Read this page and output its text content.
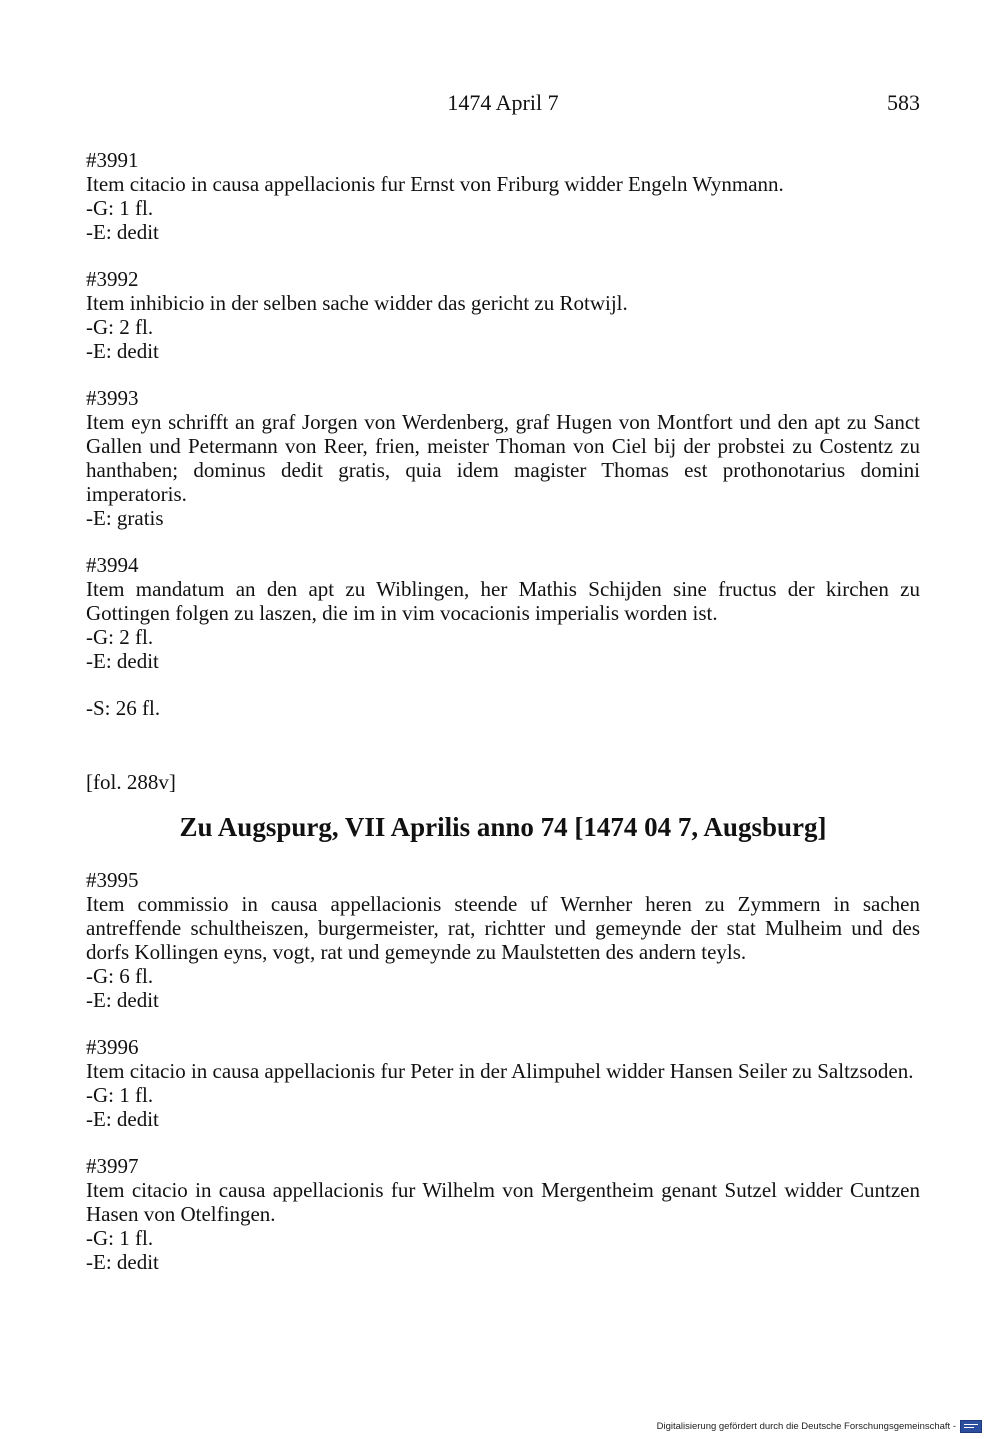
1474 April 7	583

#3991

Item citacio in causa appellacionis fur Ernst von Friburg widder Engeln Wynmann.

-G: 1 fl.

-E: dedit

#3992

Item inhibicio in der selben sache widder das gericht zu Rotwijl.

-G: 2 fl.

-E: dedit

#3993

Item eyn schrifft an graf Jorgen von Werdenberg, graf Hugen von Montfort und den apt zu Sanct Gallen und Petermann von Reer, frien, meister Thoman von Ciel bij der probstei zu Costentz zu hanthaben; dominus dedit gratis, quia idem magister Thomas est prothonotarius domini imperatoris.

-E: gratis

#3994

Item mandatum an den apt zu Wiblingen, her Mathis Schijden sine fructus der kirchen zu Gottingen folgen zu laszen, die im in vim vocacionis imperialis worden ist.

-G: 2 fl.

-E: dedit

-S: 26 fl.

[fol. 288v]

Zu Augspurg, VII Aprilis anno 74 [1474 04 7, Augsburg]

#3995

Item commissio in causa appellacionis steende uf Wernher heren zu Zymmern in sachen antreffende schultheiszen, burgermeister, rat, richtter und gemeynde der stat Mulheim und des dorfs Kollingen eyns, vogt, rat und gemeynde zu Maulstetten des andern teyls.

-G: 6 fl.

-E: dedit

#3996

Item citacio in causa appellacionis fur Peter in der Alimpuhel widder Hansen Seiler zu Saltzsoden.

-G: 1 fl.

-E: dedit

#3997

Item citacio in causa appellacionis fur Wilhelm von Mergentheim genant Sutzel widder Cuntzen Hasen von Otelfingen.

-G: 1 fl.

-E: dedit

Digitalisierung gefördert durch die Deutsche Forschungsgemeinschaft -
